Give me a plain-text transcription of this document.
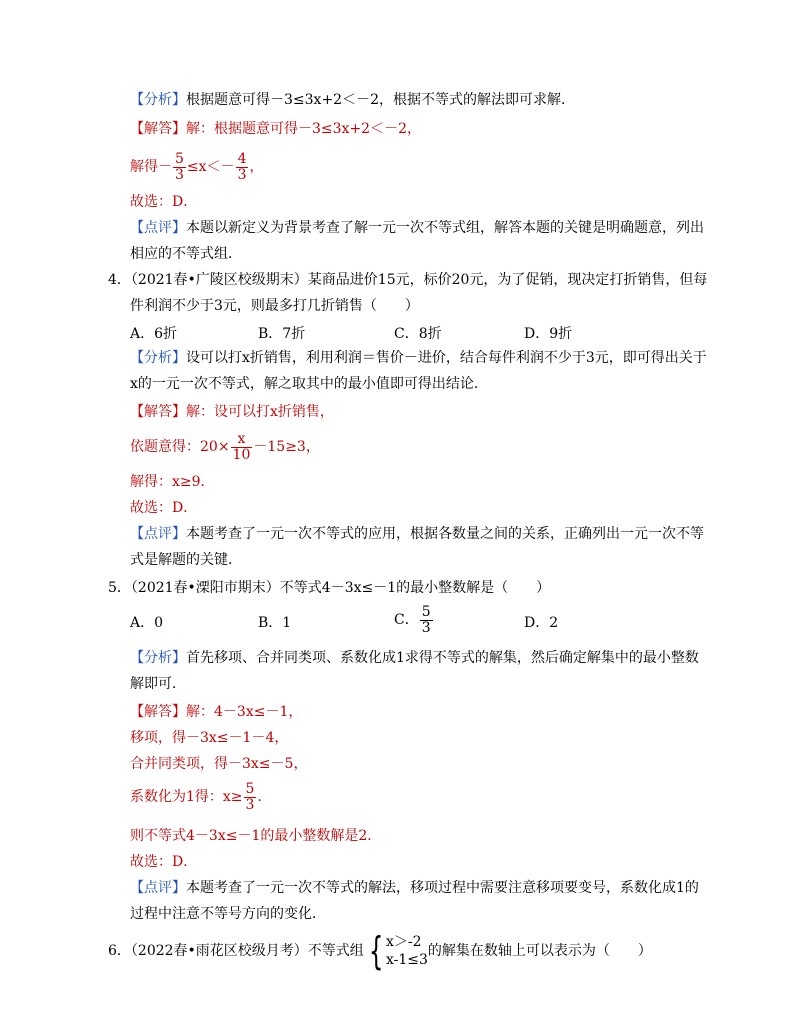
【分析】根据题意可得－3≤3x+2＜－2，根据不等式的解法即可求解．
【解答】解：根据题意可得－3≤3x+2＜－2，
解得－ $\frac{5}{3} \le x<- \frac{4}{3}$ ，
故选：D．
【点评】本题以新定义为背景考查了解一元一次不等式组，解答本题的关键是明确题意，列出
相应的不等式组．
4．（2021春•广陵区校级期末）某商品进价15元，标价20元，为了促销，现决定打折销售，但每
件利润不少于3元，则最多打几折销售（　　）
A．6折	B．7折	C．8折	D．9折
【分析】设可以打x折销售，利用利润＝售价－进价，结合每件利润不少于3元，即可得出关于
x的一元一次不等式，解之取其中的最小值即可得出结论．
【解答】解：设可以打x折销售，
依题意得：$20\times \frac{x}{10} -15\ge 3$，
解得：x≥9．
故选：D．
【点评】本题考查了一元一次不等式的应用，根据各数量之间的关系，正确列出一元一次不等
式是解题的关键．
5．（2021春•溧阳市期末）不等式4－3x≤－1的最小整数解是（　　）
A．0	B．1	C． $\frac{5}{3}$	D．2
【分析】首先移项、合并同类项、系数化成1求得不等式的解集，然后确定解集中的最小整数
解即可．
【解答】解：4－3x≤－1，
移项，得－3x≤－1－4，
合并同类项，得－3x≤－5，
系数化为1得：$x\ge \frac{5}{3}$ ．
则不等式4－3x≤－1的最小整数解是2．
故选：D．
【点评】本题考查了一元一次不等式的解法，移项过程中需要注意移项要变号，系数化成1的
过程中注意不等号方向的变化．
6．（2022春•雨花区校级月考）不等式组 { x＞-2
x-1≤3
的解集在数轴上可以表示为（　　）
